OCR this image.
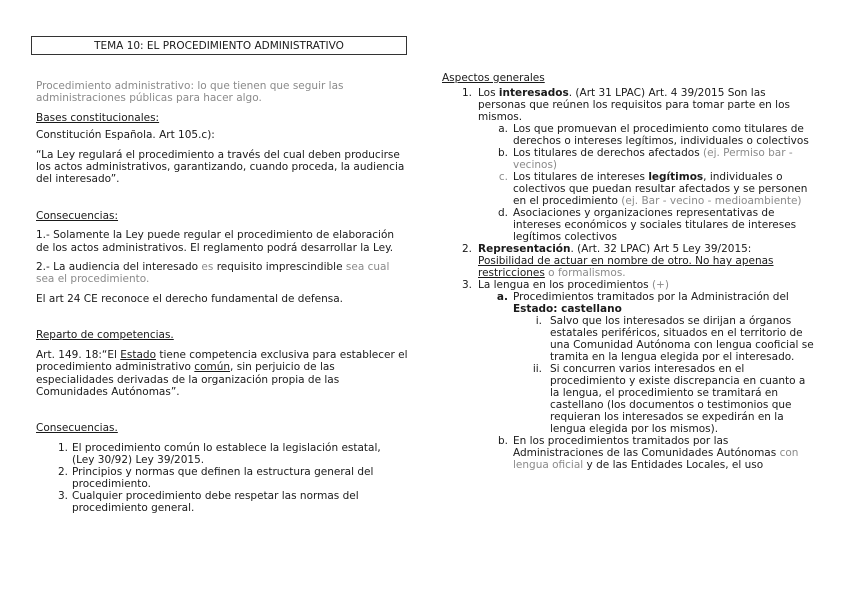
TEMA 10: EL PROCEDIMIENTO ADMINISTRATIVO

Procedimiento administrativo: lo que tienen que seguir las administraciones públicas para hacer algo.

Bases constitucionales:

Constitución Española. Art 105.c):

“La Ley regulará el procedimiento a través del cual deben producirse los actos administrativos, garantizando, cuando proceda, la audiencia del interesado”.

Consecuencias:

1.- Solamente la Ley puede regular el procedimiento de elaboración de los actos administrativos. El reglamento podrá desarrollar la Ley.

2.- La audiencia del interesado es requisito imprescindible sea cual sea el procedimiento.

El art 24 CE reconoce el derecho fundamental de defensa.

Reparto de competencias.

Art. 149. 18:“El Estado tiene competencia exclusiva para establecer el procedimiento administrativo común, sin perjuicio de las especialidades derivadas de la organización propia de las Comunidades Autónomas”.

Consecuencias.

1. El procedimiento común lo establece la legislación estatal, (Ley 30/92) Ley 39/2015.
2. Principios y normas que definen la estructura general del procedimiento.
3. Cualquier procedimiento debe respetar las normas del procedimiento general.

Aspectos generales

1. Los interesados. (Art 31 LPAC) Art. 4 39/2015 Son las personas que reúnen los requisitos para tomar parte en los mismos.
a. Los que promuevan el procedimiento como titulares de derechos o intereses legítimos, individuales o colectivos
b. Los titulares de derechos afectados (ej. Permiso bar - vecinos)
c. Los titulares de intereses legítimos, individuales o colectivos que puedan resultar afectados y se personen en el procedimiento (ej. Bar - vecino - medioambiente)
d. Asociaciones y organizaciones representativas de intereses económicos y sociales titulares de intereses legítimos colectivos
2. Representación. (Art. 32 LPAC) Art 5 Ley 39/2015:
Posibilidad de actuar en nombre de otro. No hay apenas restricciones o formalismos.
3. La lengua en los procedimientos (+)
a. Procedimientos tramitados por la Administración del Estado: castellano
i. Salvo que los interesados se dirijan a órganos estatales periféricos, situados en el territorio de una Comunidad Autónoma con lengua cooficial se tramita en la lengua elegida por el interesado.
ii. Si concurren varios interesados en el procedimiento y existe discrepancia en cuanto a la lengua, el procedimiento se tramitará en castellano (los documentos o testimonios que requieran los interesados se expedirán en la lengua elegida por los mismos).
b. En los procedimientos tramitados por las Administraciones de las Comunidades Autónomas con lengua oficial y de las Entidades Locales, el uso
